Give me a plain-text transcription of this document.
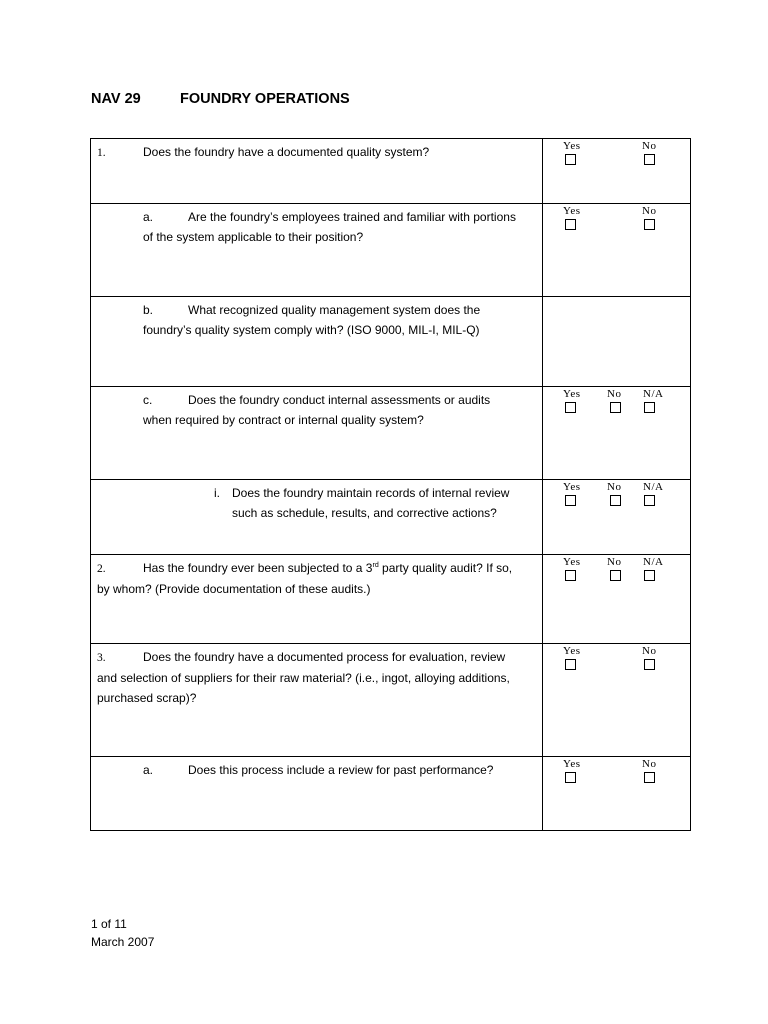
NAV 29	FOUNDRY OPERATIONS
1.	Does the foundry have a documented quality system?	Yes	No
a.	Are the foundry’s employees trained and familiar with portions
of the system applicable to their position?
Yes	No
b.	What recognized quality management system does the
foundry’s quality system comply with? (ISO 9000, MIL-I, MIL-Q)
c.	Does the foundry conduct internal assessments or audits
when required by contract or internal quality system?
Yes No N/A
i. Does the foundry maintain records of internal review
such as schedule, results, and corrective actions?
Yes No N/A
2.	Has the foundry ever been subjected to a 3rd party quality audit? If so,
by whom? (Provide documentation of these audits.)
Yes No N/A
3.	Does the foundry have a documented process for evaluation, review
and selection of suppliers for their raw material? (i.e., ingot, alloying additions,
purchased scrap)?
Yes	No
a.	Does this process include a review for past performance?	Yes	No
1 of 11
March 2007
